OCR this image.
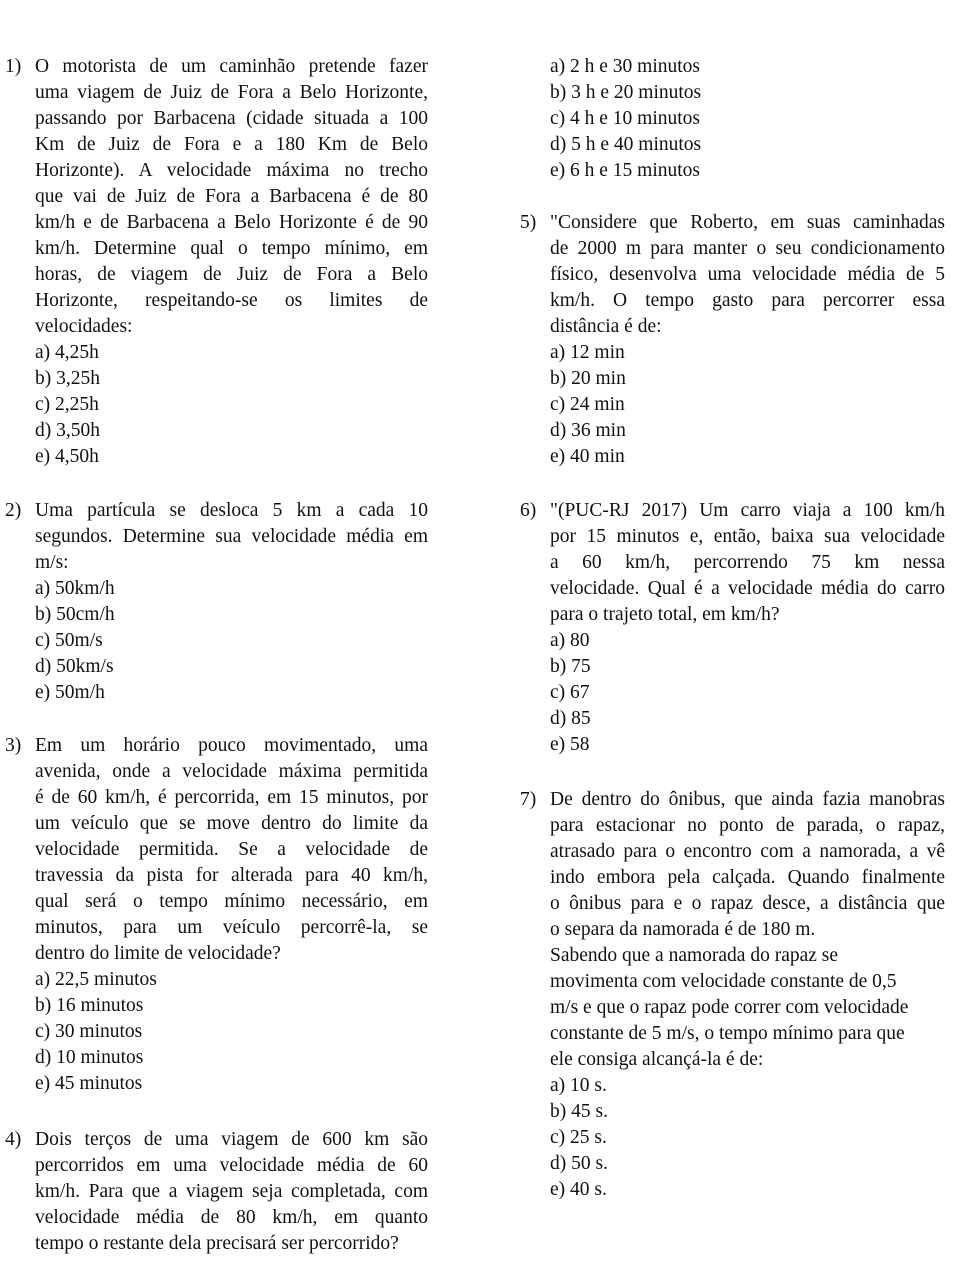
1) O motorista de um caminhão pretende fazer
uma viagem de Juiz de Fora a Belo Horizonte,
passando por Barbacena (cidade situada a 100
Km de Juiz de Fora e a 180 Km de Belo
Horizonte). A velocidade máxima no trecho
que vai de Juiz de Fora a Barbacena é de 80
km/h e de Barbacena a Belo Horizonte é de 90
km/h. Determine qual o tempo mínimo, em
horas, de viagem de Juiz de Fora a Belo
Horizonte, respeitando-se os limites de
velocidades:
a) 4,25h
b) 3,25h
c) 2,25h
d) 3,50h
e) 4,50h
2) Uma partícula se desloca 5 km a cada 10
segundos. Determine sua velocidade média em
m/s:
a) 50km/h
b) 50cm/h
c) 50m/s
d) 50km/s
e) 50m/h
3) Em um horário pouco movimentado, uma
avenida, onde a velocidade máxima permitida
é de 60 km/h, é percorrida, em 15 minutos, por
um veículo que se move dentro do limite da
velocidade permitida. Se a velocidade de
travessia da pista for alterada para 40 km/h,
qual será o tempo mínimo necessário, em
minutos, para um veículo percorrê-la, se
dentro do limite de velocidade?
a) 22,5 minutos
b) 16 minutos
c) 30 minutos
d) 10 minutos
e) 45 minutos
4) Dois terços de uma viagem de 600 km são
percorridos em uma velocidade média de 60
km/h. Para que a viagem seja completada, com
velocidade média de 80 km/h, em quanto
tempo o restante dela precisará ser percorrido?
a) 2 h e 30 minutos
b) 3 h e 20 minutos
c) 4 h e 10 minutos
d) 5 h e 40 minutos
e) 6 h e 15 minutos
5) "Considere que Roberto, em suas caminhadas
de 2000 m para manter o seu condicionamento
físico, desenvolva uma velocidade média de 5
km/h. O tempo gasto para percorrer essa
distância é de:
a) 12 min
b) 20 min
c) 24 min
d) 36 min
e) 40 min
6) "(PUC-RJ 2017) Um carro viaja a 100 km/h
por 15 minutos e, então, baixa sua velocidade
a 60 km/h, percorrendo 75 km nessa
velocidade. Qual é a velocidade média do carro
para o trajeto total, em km/h?
a) 80
b) 75
c) 67
d) 85
e) 58
7) De dentro do ônibus, que ainda fazia manobras
para estacionar no ponto de parada, o rapaz,
atrasado para o encontro com a namorada, a vê
indo embora pela calçada. Quando finalmente
o ônibus para e o rapaz desce, a distância que
o separa da namorada é de 180 m.
Sabendo que a namorada do rapaz se
movimenta com velocidade constante de 0,5
m/s e que o rapaz pode correr com velocidade
constante de 5 m/s, o tempo mínimo para que
ele consiga alcançá-la é de:
a) 10 s.
b) 45 s.
c) 25 s.
d) 50 s.
e) 40 s.
